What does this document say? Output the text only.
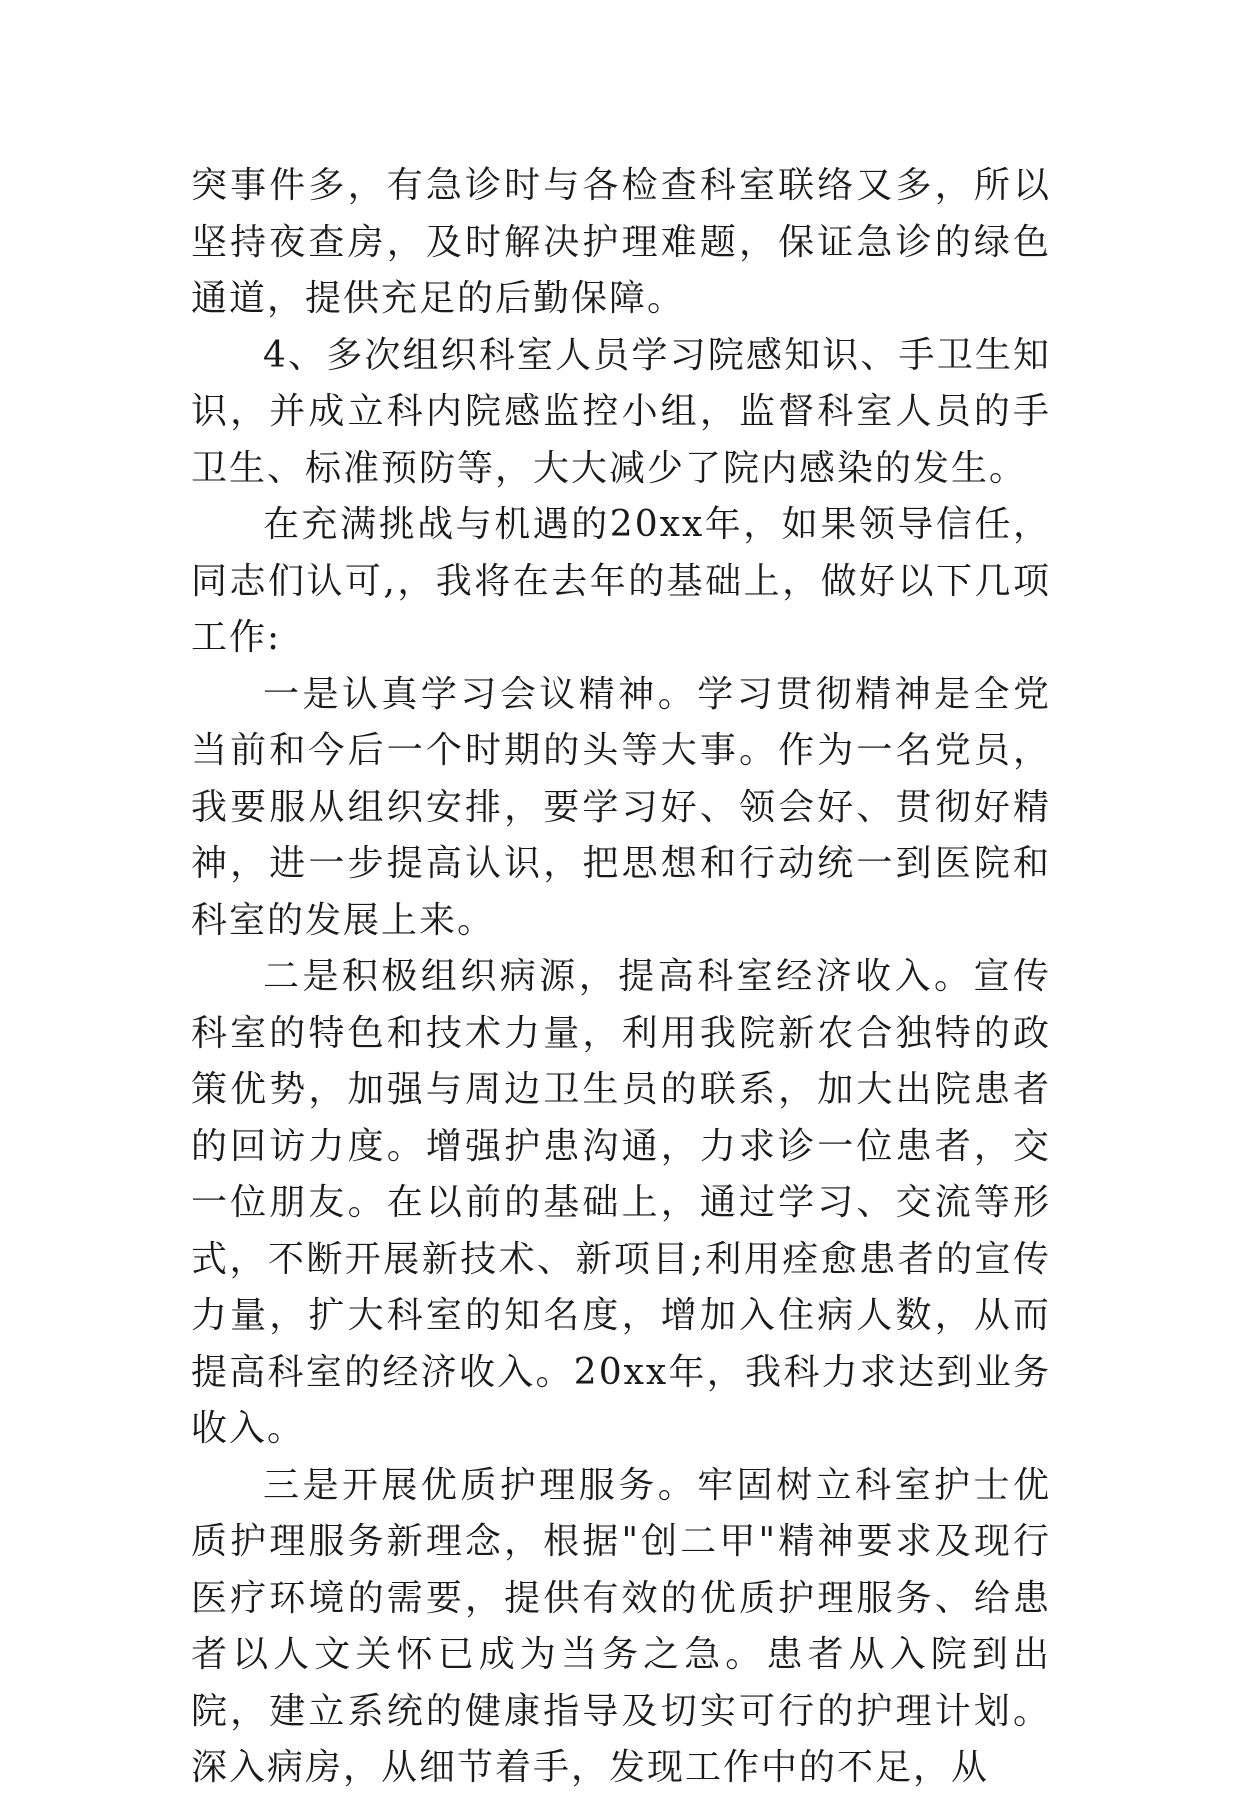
突事件多，有急诊时与各检查科室联络又多，所以坚持夜查房，及时解决护理难题，保证急诊的绿色通道，提供充足的后勤保障。

4、多次组织科室人员学习院感知识、手卫生知识，并成立科内院感监控小组，监督科室人员的手卫生、标准预防等，大大减少了院内感染的发生。

在充满挑战与机遇的20xx年，如果领导信任，同志们认可,，我将在去年的基础上，做好以下几项工作:

一是认真学习会议精神。学习贯彻精神是全党当前和今后一个时期的头等大事。作为一名党员，我要服从组织安排，要学习好、领会好、贯彻好精神，进一步提高认识，把思想和行动统一到医院和科室的发展上来。

二是积极组织病源，提高科室经济收入。宣传科室的特色和技术力量，利用我院新农合独特的政策优势，加强与周边卫生员的联系，加大出院患者的回访力度。增强护患沟通，力求诊一位患者，交一位朋友。在以前的基础上，通过学习、交流等形式，不断开展新技术、新项目;利用痊愈患者的宣传力量，扩大科室的知名度，增加入住病人数，从而提高科室的经济收入。20xx年，我科力求达到业务收入。

三是开展优质护理服务。牢固树立科室护士优质护理服务新理念，根据"创二甲"精神要求及现行医疗环境的需要，提供有效的优质护理服务、给患者以人文关怀已成为当务之急。患者从入院到出院，建立系统的健康指导及切实可行的护理计划。深入病房，从细节着手，发现工作中的不足，从
